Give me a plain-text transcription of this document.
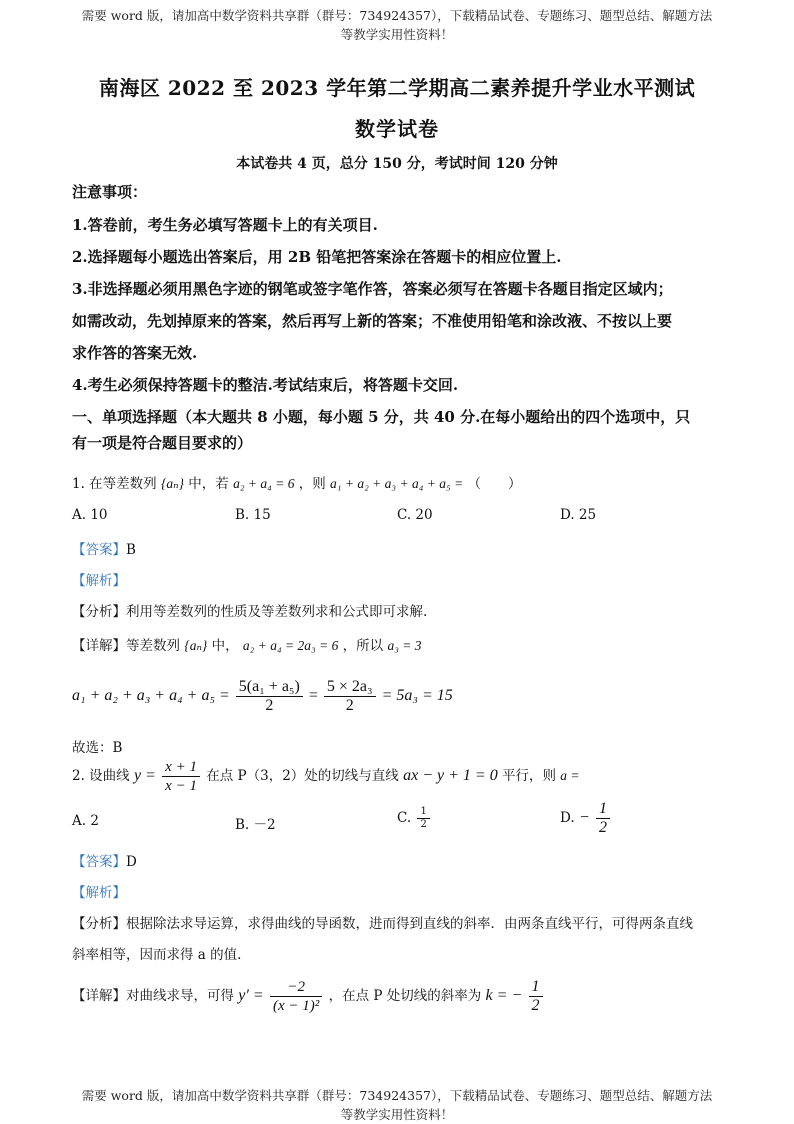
需要 word 版，请加高中数学资料共享群（群号：734924357），下载精品试卷、专题练习、题型总结、解题方法
等教学实用性资料！
南海区 2022 至 2023 学年第二学期高二素养提升学业水平测试
数学试卷
本试卷共 4 页，总分 150 分，考试时间 120 分钟
注意事项：
1.答卷前，考生务必填写答题卡上的有关项目.
2.选择题每小题选出答案后，用 2B 铅笔把答案涂在答题卡的相应位置上.
3.非选择题必须用黑色字迹的钢笔或签字笔作答，答案必须写在答题卡各题目指定区域内；
如需改动，先划掉原来的答案，然后再写上新的答案；不准使用铅笔和涂改液、不按以上要
求作答的答案无效.
4.考生必须保持答题卡的整洁.考试结束后，将答题卡交回.
一、单项选择题（本大题共 8 小题，每小题 5 分，共 40 分.在每小题给出的四个选项中，只
有一项是符合题目要求的）
1. 在等差数列 {aₙ} 中，若 a₂ + a₄ = 6 ，则 a₁ + a₂ + a₃ + a₄ + a₅ = （　　）
A. 10	B. 15	C. 20	D. 25
【答案】B
【解析】
【分析】利用等差数列的性质及等差数列求和公式即可求解.
【详解】等差数列 {aₙ} 中， a₂ + a₄ = 2a₃ = 6 ，所以 a₃ = 3
$a_1 + a_2 + a_3 + a_4 + a_5 = \frac{\text{5(a₁ + a₅)}}{2} = \frac{\text{5 × 2a₃}}{2} = 5a_3 = 15$
故选：B
2. 设曲线 $y = \frac{x + 1}{x - 1}$ 在点 P（3，2）处的切线与直线 ax − y + 1 = 0 平行，则 a =
A. 2	B. －2	C. $\frac{1}{2}$	D. − $\frac{1}{2}$
【答案】D
【解析】
【分析】根据除法求导运算，求得曲线的导函数，进而得到直线的斜率．由两条直线平行，可得两条直线
斜率相等，因而求得 a 的值.
【详解】对曲线求导，可得 $y' = \frac{-2}{\text{(x − 1)²}}$ ，在点 P 处切线的斜率为 k = − $\frac{1}{2}$
需要 word 版，请加高中数学资料共享群（群号：734924357），下载精品试卷、专题练习、题型总结、解题方法
等教学实用性资料！
